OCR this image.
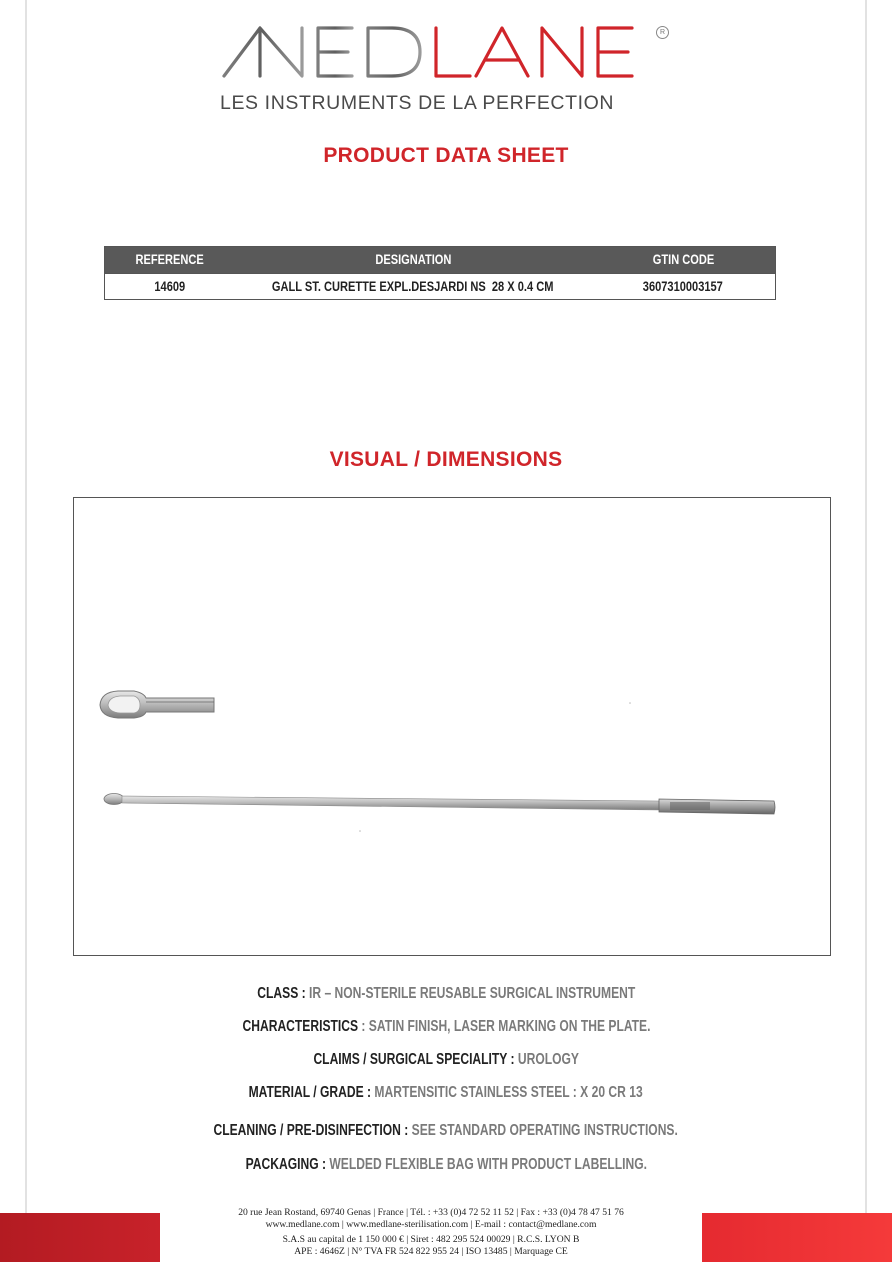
R
LES INSTRUMENTS DE LA PERFECTION
PRODUCT DATA SHEET
REFERENCE	DESIGNATION	GTIN CODE
14609	GALL ST. CURETTE EXPL.DESJARDI NS  28 X 0.4 CM	3607310003157
VISUAL / DIMENSIONS
CLASS : IR – NON-STERILE REUSABLE SURGICAL INSTRUMENT
CHARACTERISTICS : SATIN FINISH, LASER MARKING ON THE PLATE.
CLAIMS / SURGICAL SPECIALITY : UROLOGY
MATERIAL / GRADE : MARTENSITIC STAINLESS STEEL : X 20 CR 13
CLEANING / PRE-DISINFECTION : SEE STANDARD OPERATING INSTRUCTIONS.
PACKAGING : WELDED FLEXIBLE BAG WITH PRODUCT LABELLING.
20 rue Jean Rostand, 69740 Genas | France | Tél. : +33 (0)4 72 52 11 52 | Fax : +33 (0)4 78 47 51 76
www.medlane.com | www.medlane-sterilisation.com | E-mail : contact@medlane.com
S.A.S au capital de 1 150 000 € | Siret : 482 295 524 00029 | R.C.S. LYON B
APE : 4646Z | N° TVA FR 524 822 955 24 | ISO 13485 | Marquage CE
